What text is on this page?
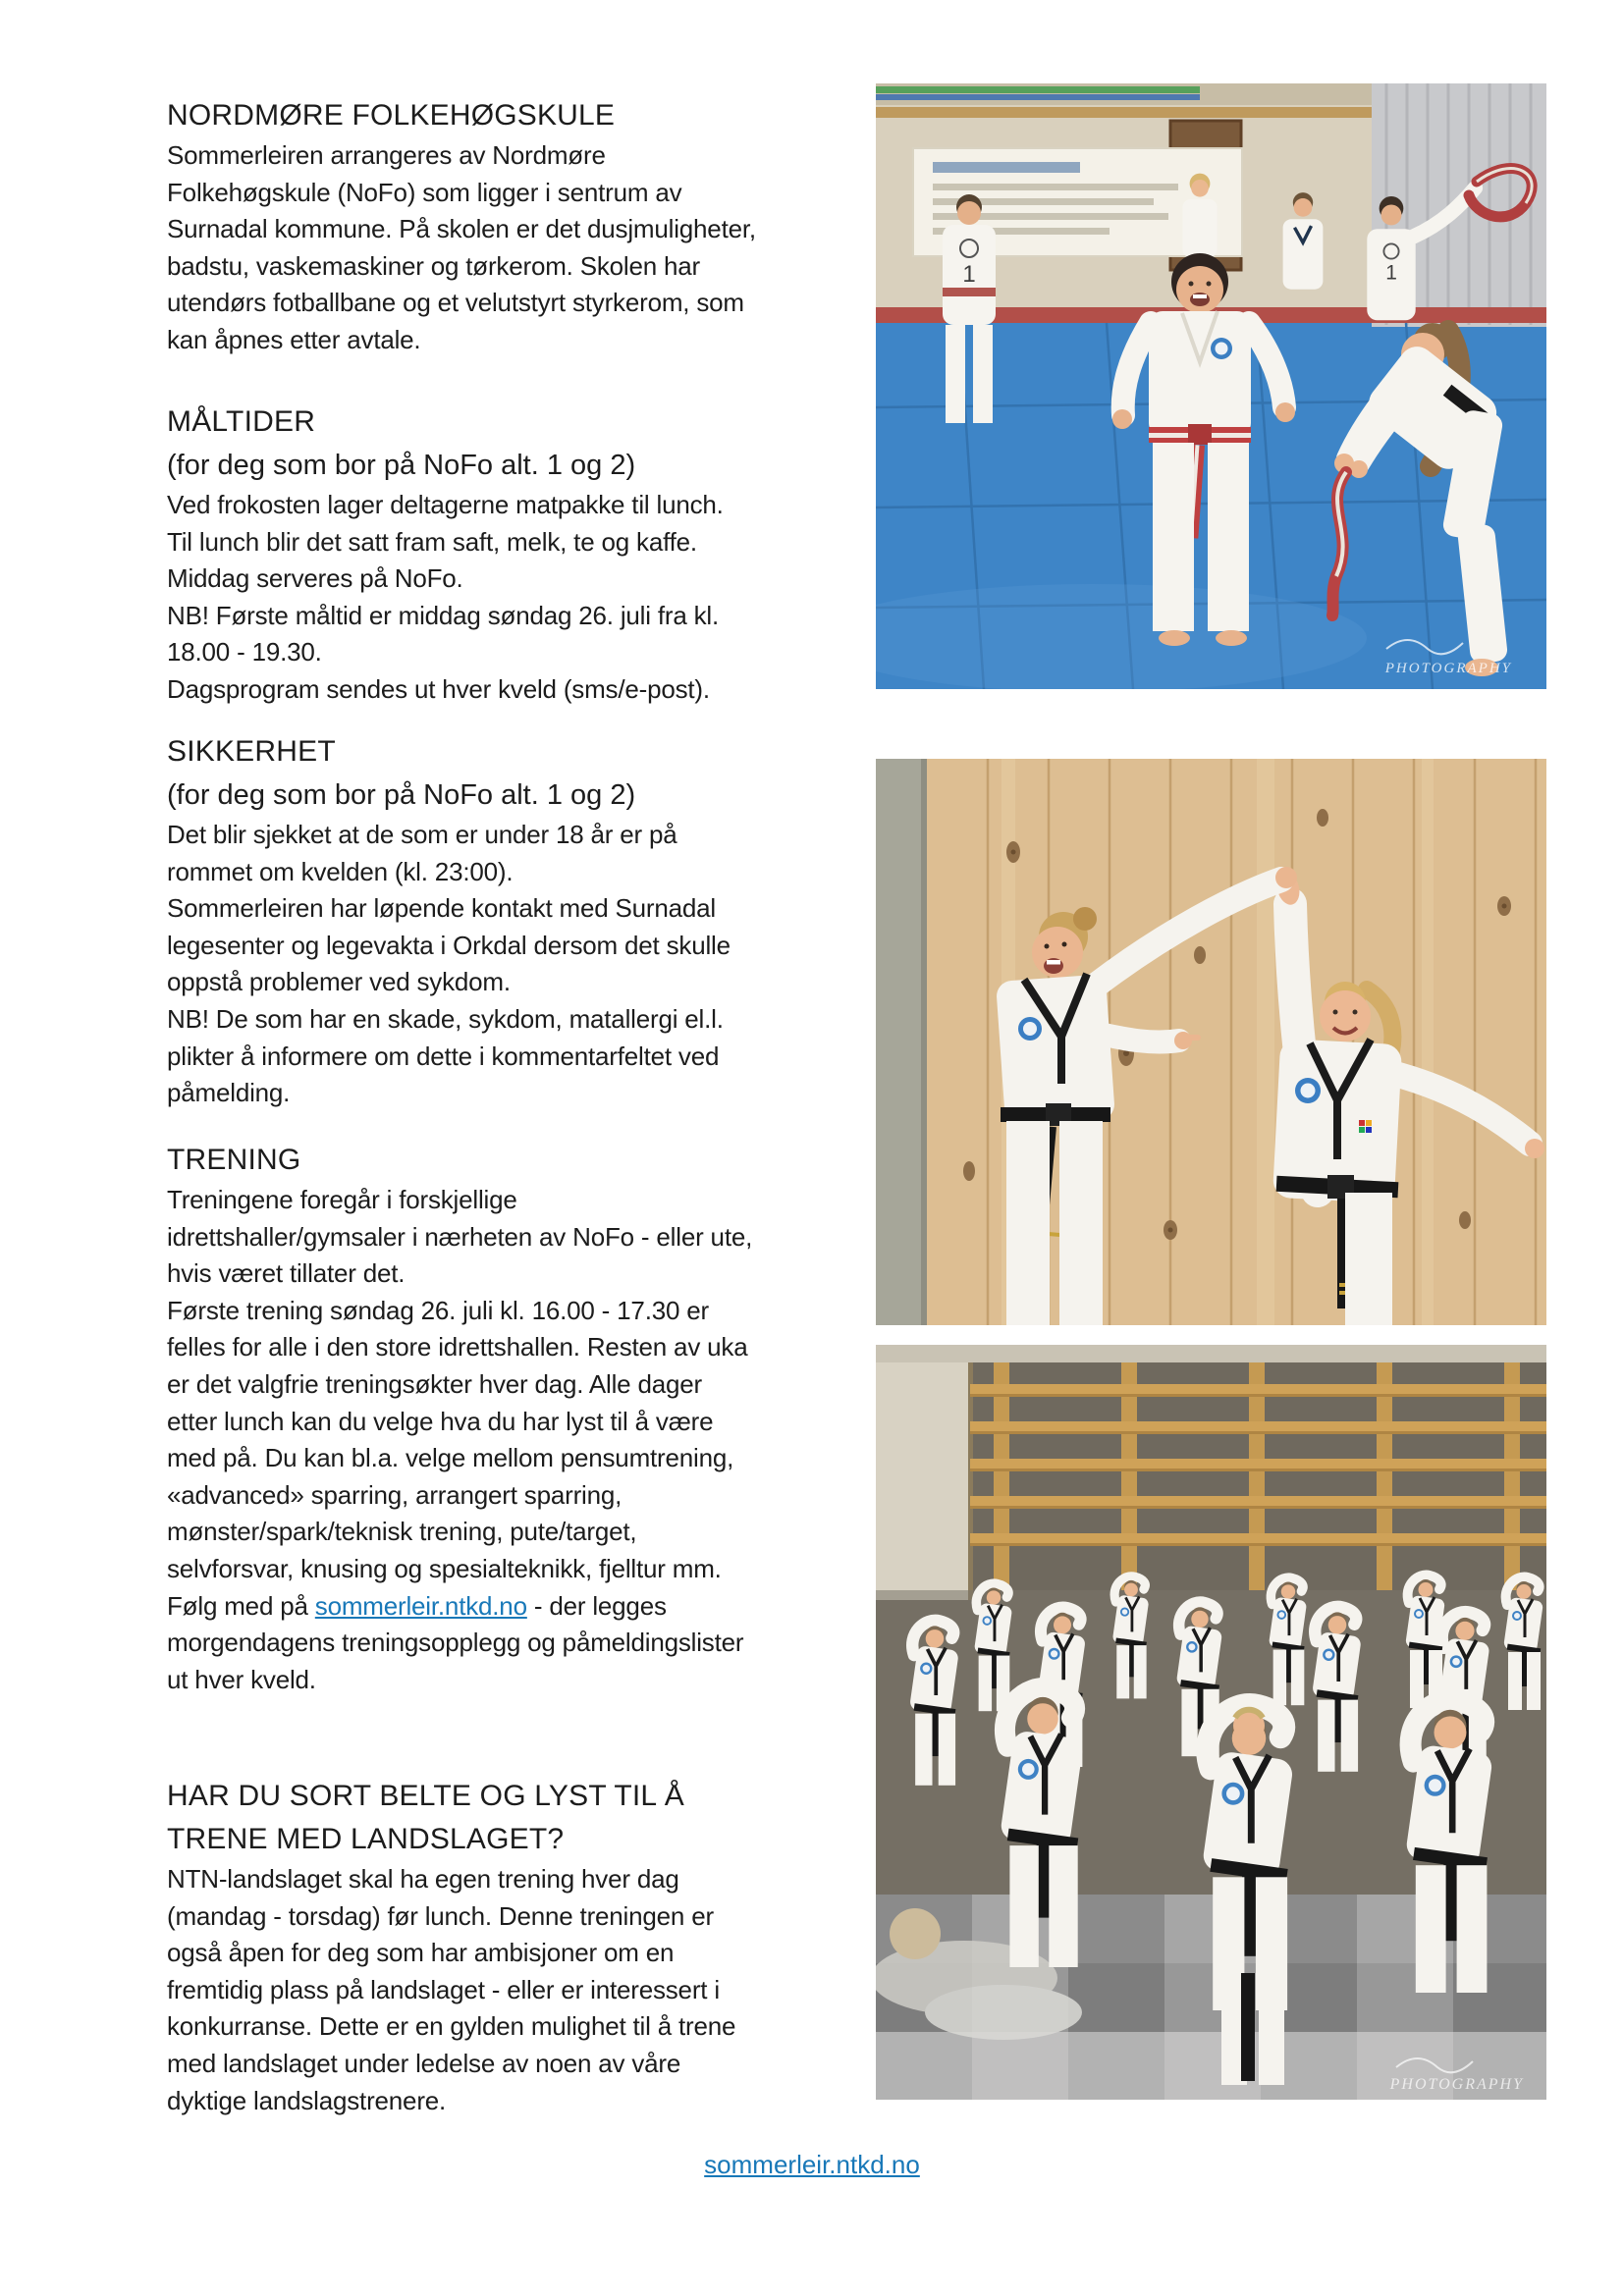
NORDMØRE FOLKEHØGSKULE

Sommerleiren arrangeres av Nordmøre Folkehøgskule (NoFo) som ligger i sentrum av Surnadal kommune. På skolen er det dusjmuligheter, badstu, vaskemaskiner og tørkerom. Skolen har utendørs fotballbane og et velutstyrt styrkerom, som kan åpnes etter avtale.

MÅLTIDER
(for deg som bor på NoFo alt. 1 og 2)

Ved frokosten lager deltagerne matpakke til lunch.

Til lunch blir det satt fram saft, melk, te og kaffe.

Middag serveres på NoFo.

NB! Første måltid er middag søndag 26. juli fra kl. 18.00 - 19.30.

Dagsprogram sendes ut hver kveld (sms/e-post).

SIKKERHET
(for deg som bor på NoFo alt. 1 og 2)

Det blir sjekket at de som er under 18 år er på rommet om kvelden (kl. 23:00).

Sommerleiren har løpende kontakt med Surnadal legesenter og legevakta i Orkdal dersom det skulle oppstå problemer ved sykdom.

NB! De som har en skade, sykdom, matallergi el.l. plikter å informere om dette i kommentarfeltet ved påmelding.

TRENING

Treningene foregår i forskjellige idrettshaller/gymsaler i nærheten av NoFo - eller ute, hvis været tillater det.

Første trening søndag 26. juli kl. 16.00 - 17.30 er felles for alle i den store idrettshallen. Resten av uka er det valgfrie treningsøkter hver dag. Alle dager etter lunch kan du velge hva du har lyst til å være med på. Du kan bl.a. velge mellom pensumtrening, «advanced» sparring, arrangert sparring, mønster/spark/teknisk trening, pute/target, selvforsvar, knusing og spesialteknikk, fjelltur mm.

Følg med på sommerleir.ntkd.no - der legges morgendagens treningsopplegg og påmeldingslister ut hver kveld.

HAR DU SORT BELTE OG LYST TIL Å TRENE MED LANDSLAGET?

NTN-landslaget skal ha egen trening hver dag (mandag - torsdag) før lunch. Denne treningen er også åpen for deg som har ambisjoner om en fremtidig plass på landslaget - eller er interessert i konkurranse. Dette er en gylden mulighet til å trene med landslaget under ledelse av noen av våre dyktige landslagstrenere.

1	1
PHOTOGRAPHY
PHOTOGRAPHY
sommerleir.ntkd.no
